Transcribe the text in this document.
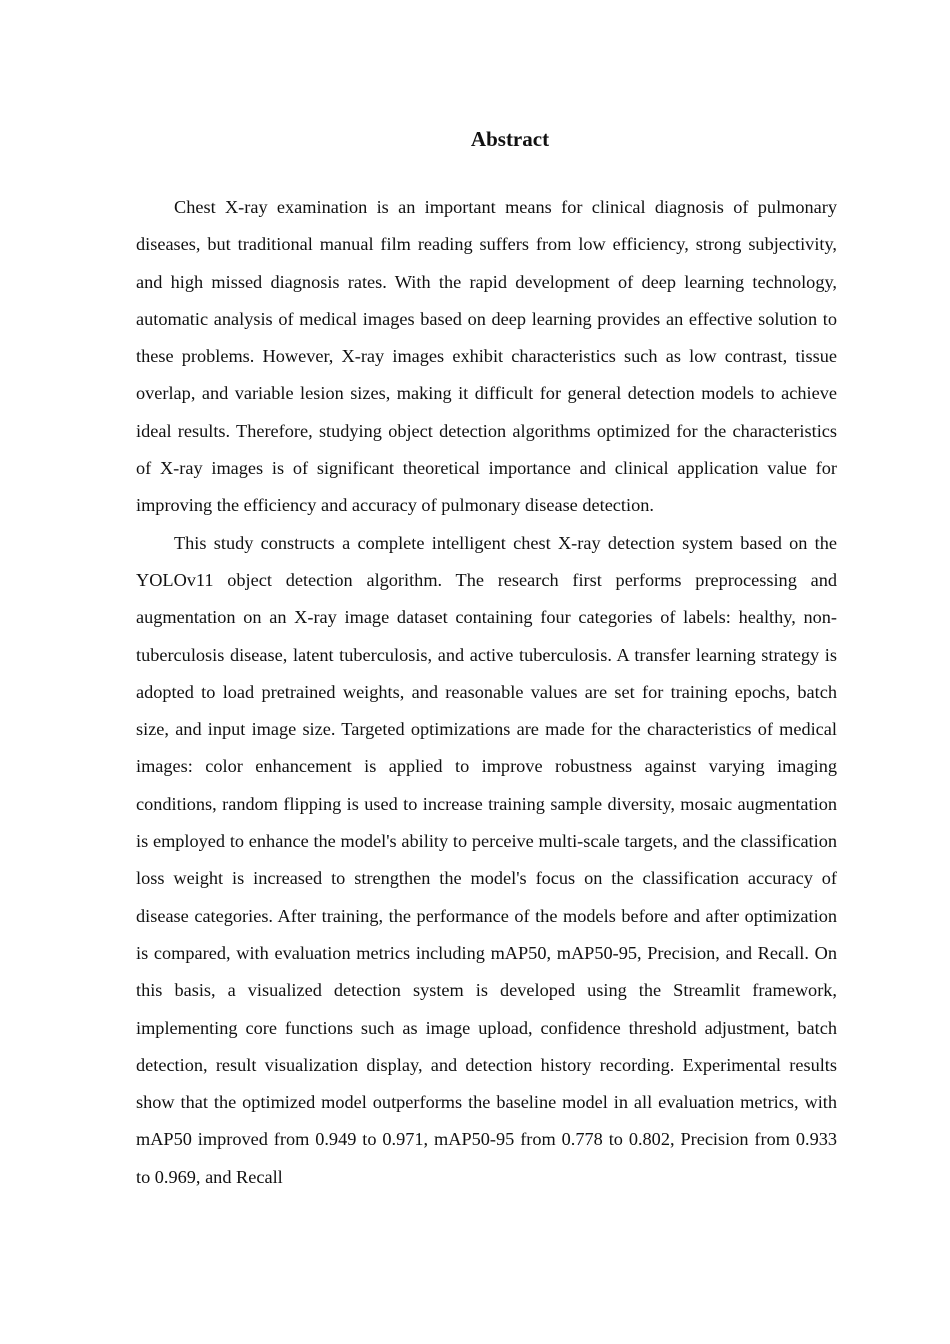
Abstract

Chest X-ray examination is an important means for clinical diagnosis of pulmonary diseases, but traditional manual film reading suffers from low efficiency, strong subjectivity, and high missed diagnosis rates. With the rapid development of deep learning technology, automatic analysis of medical images based on deep learning provides an effective solution to these problems. However, X-ray images exhibit characteristics such as low contrast, tissue overlap, and variable lesion sizes, making it difficult for general detection models to achieve ideal results. Therefore, studying object detection algorithms optimized for the characteristics of X-ray images is of significant theoretical importance and clinical application value for improving the efficiency and accuracy of pulmonary disease detection.

This study constructs a complete intelligent chest X-ray detection system based on the YOLOv11 object detection algorithm. The research first performs preprocessing and augmentation on an X-ray image dataset containing four categories of labels: healthy, non-tuberculosis disease, latent tuberculosis, and active tuberculosis. A transfer learning strategy is adopted to load pretrained weights, and reasonable values are set for training epochs, batch size, and input image size. Targeted optimizations are made for the characteristics of medical images: color enhancement is applied to improve robustness against varying imaging conditions, random flipping is used to increase training sample diversity, mosaic augmentation is employed to enhance the model's ability to perceive multi-scale targets, and the classification loss weight is increased to strengthen the model's focus on the classification accuracy of disease categories. After training, the performance of the models before and after optimization is compared, with evaluation metrics including mAP50, mAP50-95, Precision, and Recall. On this basis, a visualized detection system is developed using the Streamlit framework, implementing core functions such as image upload, confidence threshold adjustment, batch detection, result visualization display, and detection history recording. Experimental results show that the optimized model outperforms the baseline model in all evaluation metrics, with mAP50 improved from 0.949 to 0.971, mAP50-95 from 0.778 to 0.802, Precision from 0.933 to 0.969, and Recall
